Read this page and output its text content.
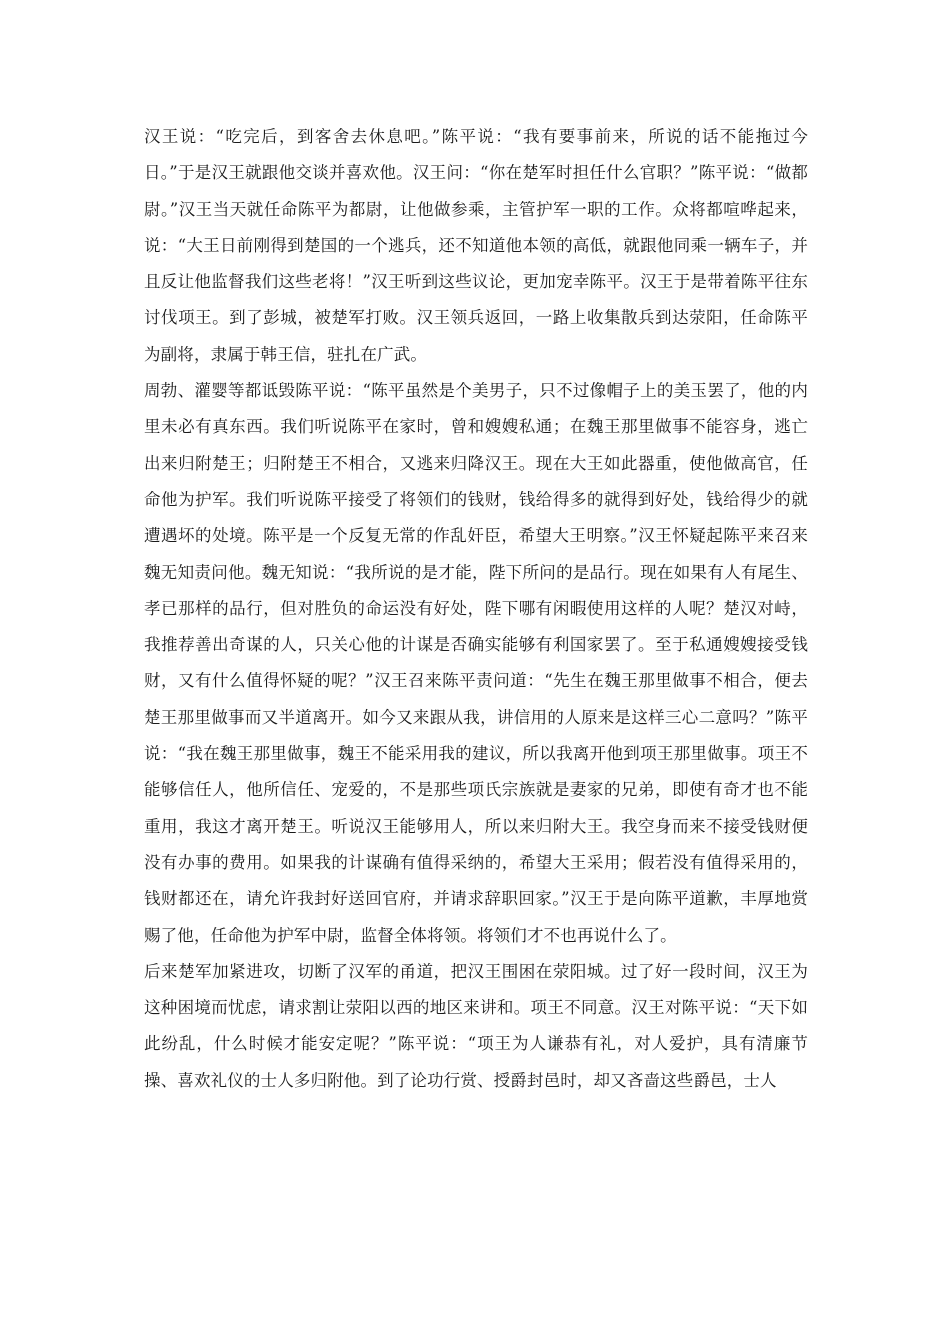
汉王说：“吃完后，到客舍去休息吧。”陈平说：“我有要事前来，所说的话不能拖过今日。”于是汉王就跟他交谈并喜欢他。汉王问：“你在楚军时担任什么官职？”陈平说：“做都尉。”汉王当天就任命陈平为都尉，让他做参乘，主管护军一职的工作。众将都喧哗起来，说：“大王日前刚得到楚国的一个逃兵，还不知道他本领的高低，就跟他同乘一辆车子，并且反让他监督我们这些老将！”汉王听到这些议论，更加宠幸陈平。汉王于是带着陈平往东讨伐项王。到了彭城，被楚军打败。汉王领兵返回，一路上收集散兵到达荥阳，任命陈平为副将，隶属于韩王信，驻扎在广武。

周勃、灌婴等都诋毁陈平说：“陈平虽然是个美男子，只不过像帽子上的美玉罢了，他的内里未必有真东西。我们听说陈平在家时，曾和嫂嫂私通；在魏王那里做事不能容身，逃亡出来归附楚王；归附楚王不相合，又逃来归降汉王。现在大王如此器重，使他做高官，任命他为护军。我们听说陈平接受了将领们的钱财，钱给得多的就得到好处，钱给得少的就遭遇坏的处境。陈平是一个反复无常的作乱奸臣，希望大王明察。”汉王怀疑起陈平来召来魏无知责问他。魏无知说：“我所说的是才能，陛下所问的是品行。现在如果有人有尾生、孝已那样的品行，但对胜负的命运没有好处，陛下哪有闲暇使用这样的人呢？楚汉对峙，我推荐善出奇谋的人，只关心他的计谋是否确实能够有利国家罢了。至于私通嫂嫂接受钱财，又有什么值得怀疑的呢？”汉王召来陈平责问道：“先生在魏王那里做事不相合，便去楚王那里做事而又半道离开。如今又来跟从我，讲信用的人原来是这样三心二意吗？”陈平说：“我在魏王那里做事，魏王不能采用我的建议，所以我离开他到项王那里做事。项王不能够信任人，他所信任、宠爱的，不是那些项氏宗族就是妻家的兄弟，即使有奇才也不能重用，我这才离开楚王。听说汉王能够用人，所以来归附大王。我空身而来不接受钱财便没有办事的费用。如果我的计谋确有值得采纳的，希望大王采用；假若没有值得采用的，钱财都还在，请允许我封好送回官府，并请求辞职回家。”汉王于是向陈平道歉，丰厚地赏赐了他，任命他为护军中尉，监督全体将领。将领们才不也再说什么了。

后来楚军加紧进攻，切断了汉军的甬道，把汉王围困在荥阳城。过了好一段时间，汉王为这种困境而忧虑，请求割让荥阳以西的地区来讲和。项王不同意。汉王对陈平说：“天下如此纷乱，什么时候才能安定呢？”陈平说：“项王为人谦恭有礼，对人爱护，具有清廉节操、喜欢礼仪的士人多归附他。到了论功行赏、授爵封邑时，却又吝啬这些爵邑，士人
